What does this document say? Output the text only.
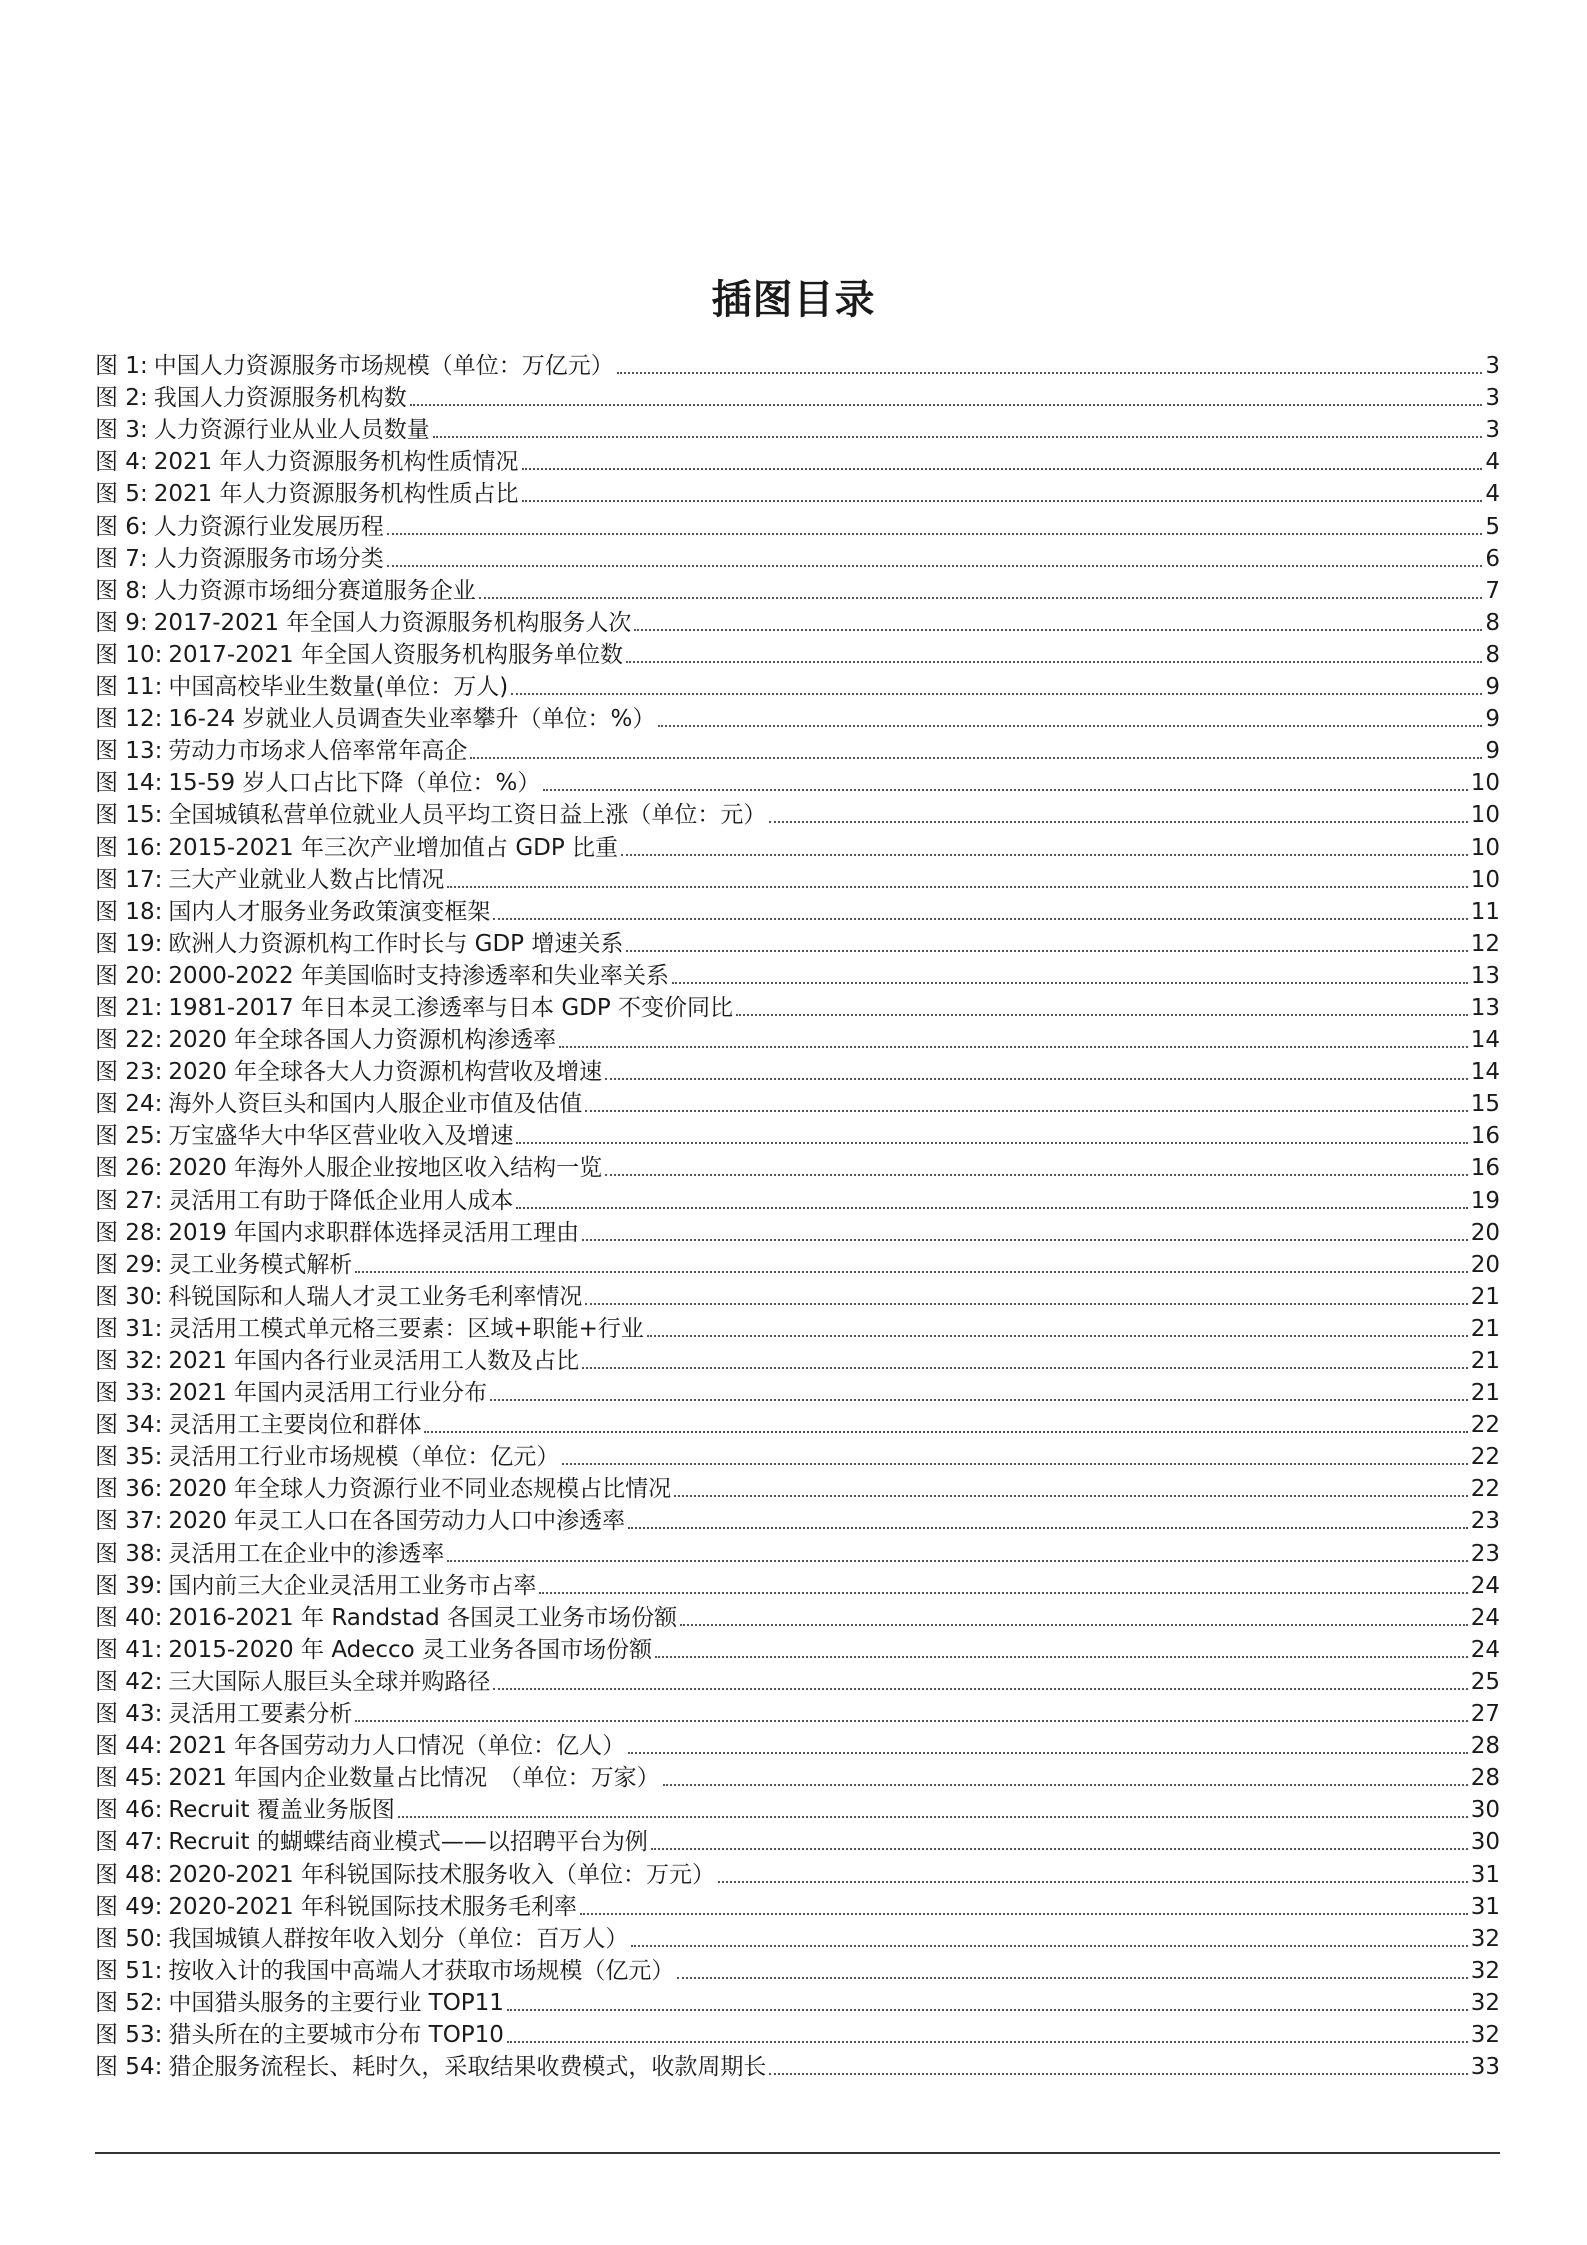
插图目录
图 1: 中国人力资源服务市场规模（单位：万亿元）	3
图 2: 我国人力资源服务机构数	3
图 3: 人力资源行业从业人员数量	3
图 4: 2021 年人力资源服务机构性质情况	4
图 5: 2021 年人力资源服务机构性质占比	4
图 6: 人力资源行业发展历程	5
图 7: 人力资源服务市场分类	6
图 8: 人力资源市场细分赛道服务企业	7
图 9: 2017-2021 年全国人力资源服务机构服务人次	8
图 10: 2017-2021 年全国人资服务机构服务单位数	8
图 11: 中国高校毕业生数量(单位：万人)	9
图 12: 16-24 岁就业人员调查失业率攀升（单位：%）	9
图 13: 劳动力市场求人倍率常年高企	9
图 14: 15-59 岁人口占比下降（单位：%）	10
图 15: 全国城镇私营单位就业人员平均工资日益上涨（单位：元）	10
图 16: 2015-2021 年三次产业增加值占 GDP 比重	10
图 17: 三大产业就业人数占比情况	10
图 18: 国内人才服务业务政策演变框架	11
图 19: 欧洲人力资源机构工作时长与 GDP 增速关系	12
图 20: 2000-2022 年美国临时支持渗透率和失业率关系	13
图 21: 1981-2017 年日本灵工渗透率与日本 GDP 不变价同比	13
图 22: 2020 年全球各国人力资源机构渗透率	14
图 23: 2020 年全球各大人力资源机构营收及增速	14
图 24: 海外人资巨头和国内人服企业市值及估值	15
图 25: 万宝盛华大中华区营业收入及增速	16
图 26: 2020 年海外人服企业按地区收入结构一览	16
图 27: 灵活用工有助于降低企业用人成本	19
图 28: 2019 年国内求职群体选择灵活用工理由	20
图 29: 灵工业务模式解析	20
图 30: 科锐国际和人瑞人才灵工业务毛利率情况	21
图 31: 灵活用工模式单元格三要素：区域+职能+行业	21
图 32: 2021 年国内各行业灵活用工人数及占比	21
图 33: 2021 年国内灵活用工行业分布	21
图 34: 灵活用工主要岗位和群体	22
图 35: 灵活用工行业市场规模（单位：亿元）	22
图 36: 2020 年全球人力资源行业不同业态规模占比情况	22
图 37: 2020 年灵工人口在各国劳动力人口中渗透率	23
图 38: 灵活用工在企业中的渗透率	23
图 39: 国内前三大企业灵活用工业务市占率	24
图 40: 2016-2021 年 Randstad 各国灵工业务市场份额	24
图 41: 2015-2020 年 Adecco 灵工业务各国市场份额	24
图 42: 三大国际人服巨头全球并购路径	25
图 43: 灵活用工要素分析	27
图 44: 2021 年各国劳动力人口情况（单位：亿人）	28
图 45: 2021 年国内企业数量占比情况　（单位：万家）	28
图 46: Recruit 覆盖业务版图	30
图 47: Recruit 的蝴蝶结商业模式——以招聘平台为例	30
图 48: 2020-2021 年科锐国际技术服务收入（单位：万元）	31
图 49: 2020-2021 年科锐国际技术服务毛利率	31
图 50: 我国城镇人群按年收入划分（单位：百万人）	32
图 51: 按收入计的我国中高端人才获取市场规模（亿元）	32
图 52: 中国猎头服务的主要行业 TOP11	32
图 53: 猎头所在的主要城市分布 TOP10	32
图 54: 猎企服务流程长、耗时久，采取结果收费模式，收款周期长	33
